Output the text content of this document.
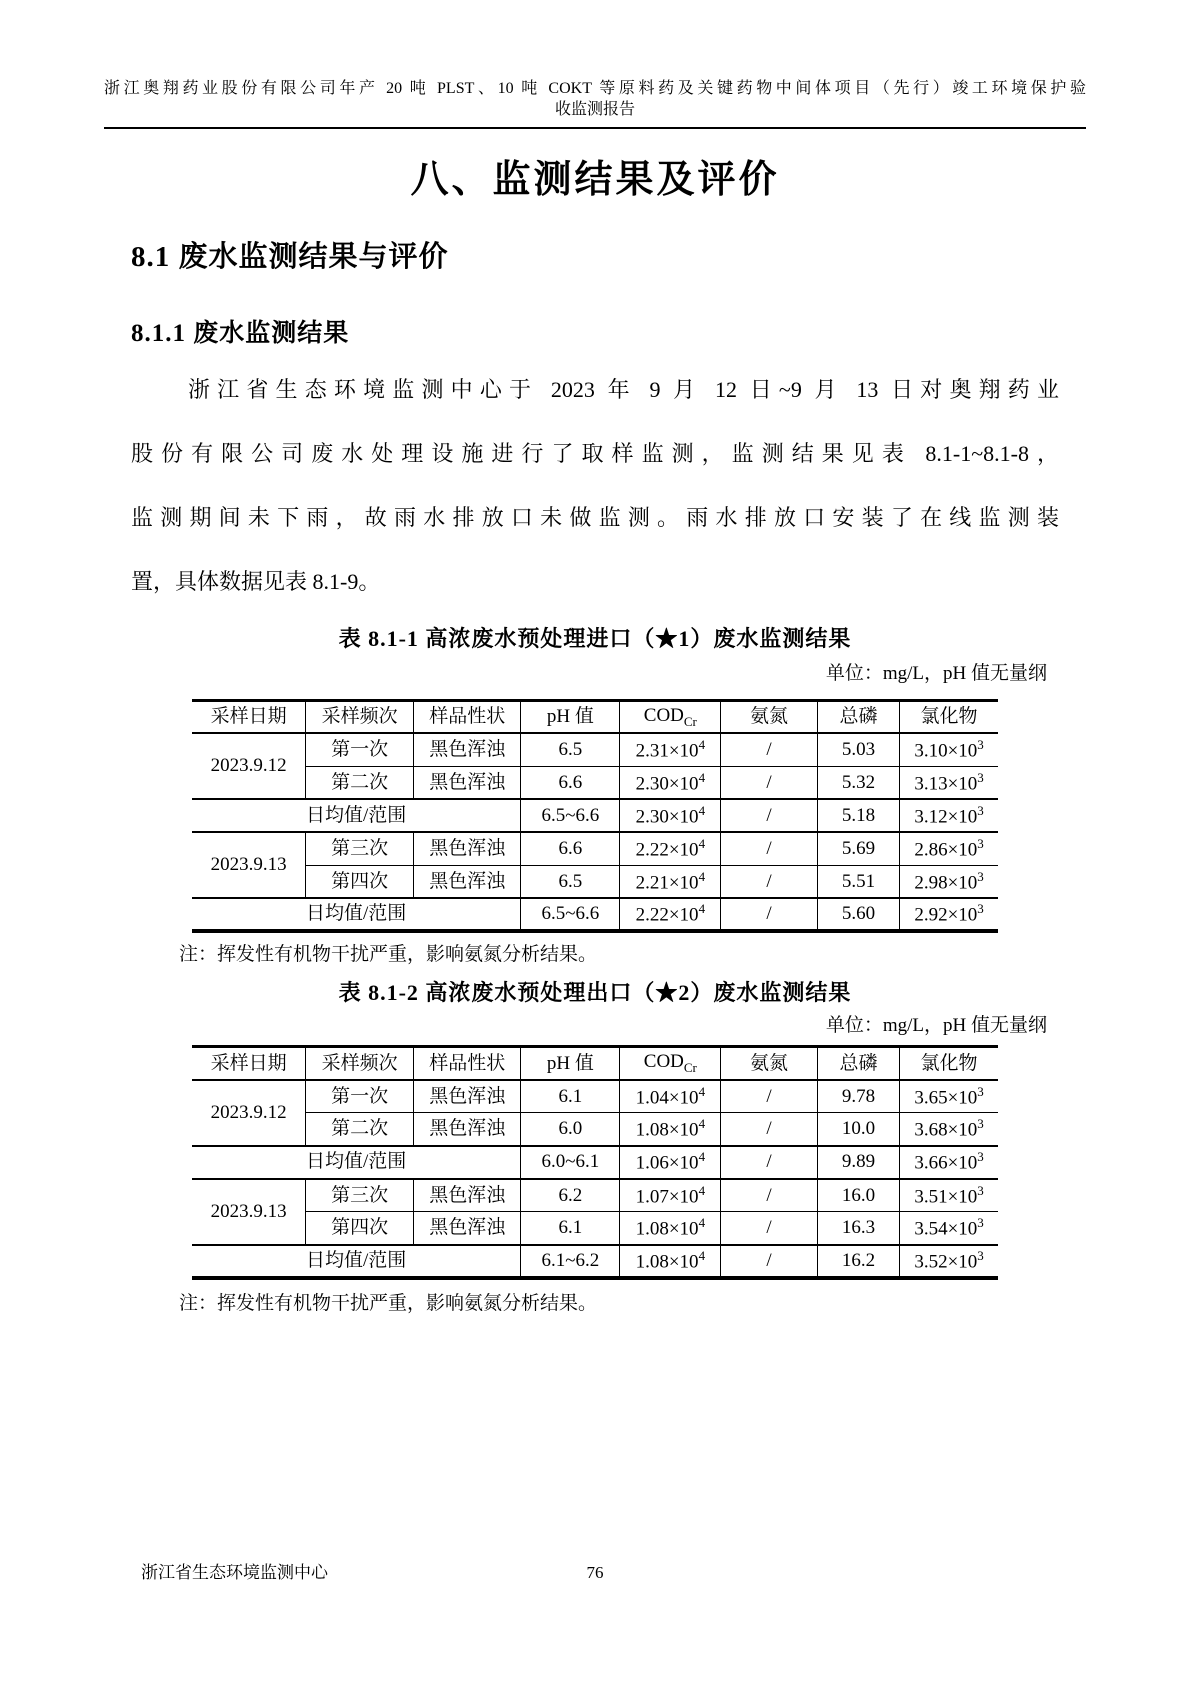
浙江奥翔药业股份有限公司年产 20 吨 PLST、10 吨 COKT 等原料药及关键药物中间体项目（先行）竣工环境保护验
收监测报告
八、监测结果及评价
8.1 废水监测结果与评价
8.1.1 废水监测结果
浙江省生态环境监测中心于 2023 年 9 月 12 日~9 月 13 日对奥翔药业
股份有限公司废水处理设施进行了取样监测，监测结果见表 8.1-1~8.1-8，
监测期间未下雨，故雨水排放口未做监测。雨水排放口安装了在线监测装
置，具体数据见表 8.1-9。
表 8.1-1 高浓废水预处理进口（★1）废水监测结果
单位：mg/L，pH 值无量纲
采样日期	采样频次	样品性状	pH 值	$COD_{Cr}$	氨氮	总磷	氯化物
2023.9.12	第一次	黑色浑浊	6.5	$2.31\times 10^4$	/	5.03	$3.10\times 10^3$
	第二次	黑色浑浊	6.6	$2.30\times 10^4$	/	5.32	$3.13\times 10^3$
日均值/范围			6.5~6.6	$2.30\times 10^4$	/	5.18	$3.12\times 10^3$
2023.9.13	第三次	黑色浑浊	6.6	$2.22\times 10^4$	/	5.69	$2.86\times 10^3$
	第四次	黑色浑浊	6.5	$2.21\times 10^4$	/	5.51	$2.98\times 10^3$
日均值/范围			6.5~6.6	$2.22\times 10^4$	/	5.60	$2.92\times 10^3$
注：挥发性有机物干扰严重，影响氨氮分析结果。
表 8.1-2 高浓废水预处理出口（★2）废水监测结果
单位：mg/L，pH 值无量纲
采样日期	采样频次	样品性状	pH 值	$COD_{Cr}$	氨氮	总磷	氯化物
2023.9.12	第一次	黑色浑浊	6.1	$1.04\times 10^4$	/	9.78	$3.65\times 10^3$
	第二次	黑色浑浊	6.0	$1.08\times 10^4$	/	10.0	$3.68\times 10^3$
日均值/范围			6.0~6.1	$1.06\times 10^4$	/	9.89	$3.66\times 10^3$
2023.9.13	第三次	黑色浑浊	6.2	$1.07\times 10^4$	/	16.0	$3.51\times 10^3$
	第四次	黑色浑浊	6.1	$1.08\times 10^4$	/	16.3	$3.54\times 10^3$
日均值/范围			6.1~6.2	$1.08\times 10^4$	/	16.2	$3.52\times 10^3$
注：挥发性有机物干扰严重，影响氨氮分析结果。
浙江省生态环境监测中心	76
